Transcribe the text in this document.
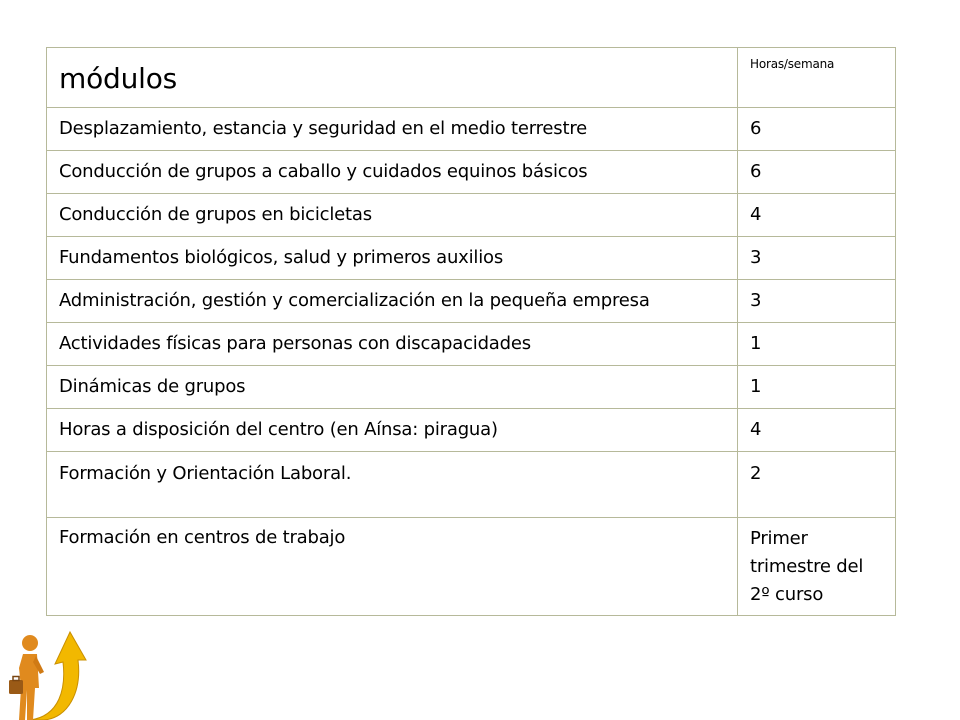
módulos	Horas/semana
Desplazamiento, estancia y seguridad en el medio terrestre	6
Conducción de grupos a caballo y cuidados equinos básicos	6
Conducción de grupos en bicicletas	4
Fundamentos biológicos, salud y primeros auxilios	3
Administración, gestión y comercialización en la pequeña empresa	3
Actividades físicas para personas con discapacidades	1
Dinámicas de grupos	1
Horas a disposición del centro (en Aínsa: piragua)	4
Formación y Orientación Laboral.	2
Formación en centros de trabajo	Primer trimestre del 2º curso
